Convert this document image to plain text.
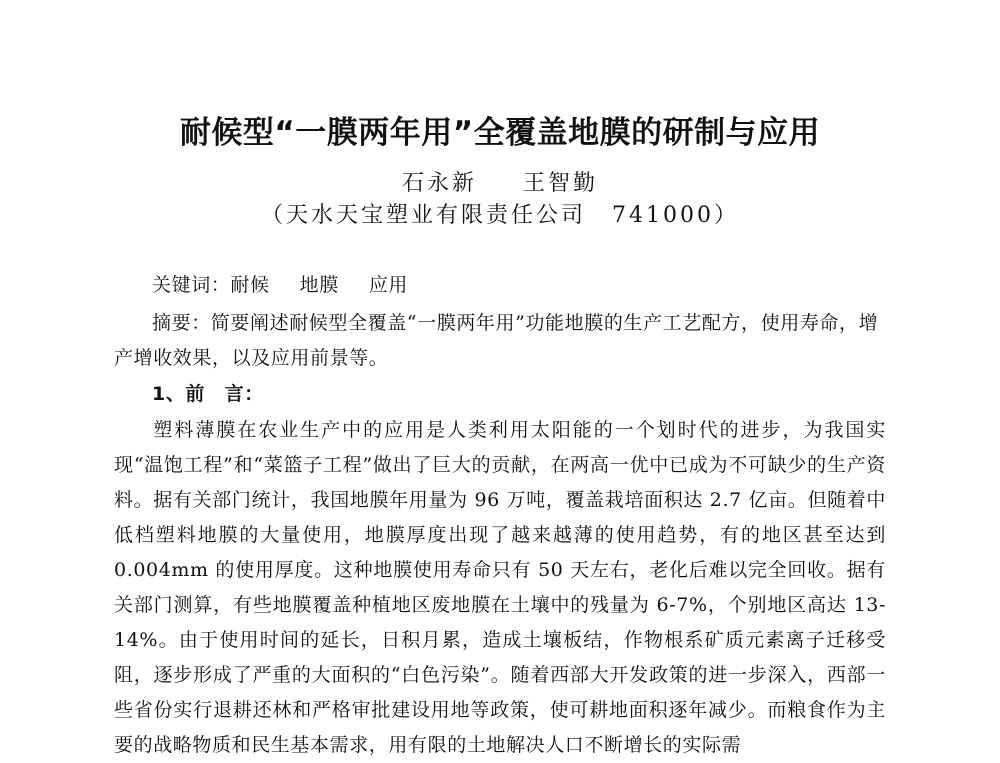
耐候型“一膜两年用”全覆盖地膜的研制与应用
石永新 王智勤
（天水天宝塑业有限责任公司 741000）
关键词：耐候 地膜 应用
摘要：简要阐述耐候型全覆盖“一膜两年用”功能地膜的生产工艺配方，使用寿命，增产增收效果，以及应用前景等。
1、前　言：

塑料薄膜在农业生产中的应用是人类利用太阳能的一个划时代的进步，为我国实现“温饱工程”和“菜篮子工程”做出了巨大的贡献，在两高一优中已成为不可缺少的生产资料。据有关部门统计，我国地膜年用量为 96 万吨，覆盖栽培面积达 2.7 亿亩。但随着中低档塑料地膜的大量使用，地膜厚度出现了越来越薄的使用趋势，有的地区甚至达到 0.004mm 的使用厚度。这种地膜使用寿命只有 50 天左右，老化后难以完全回收。据有关部门测算，有些地膜覆盖种植地区废地膜在土壤中的残量为 6-7%，个别地区高达 13-14%。由于使用时间的延长，日积月累，造成土壤板结，作物根系矿质元素离子迁移受阻，逐步形成了严重的大面积的“白色污染”。随着西部大开发政策的进一步深入，西部一些省份实行退耕还林和严格审批建设用地等政策，使可耕地面积逐年减少。而粮食作为主要的战略物质和民生基本需求，用有限的土地解决人口不断增长的实际需
